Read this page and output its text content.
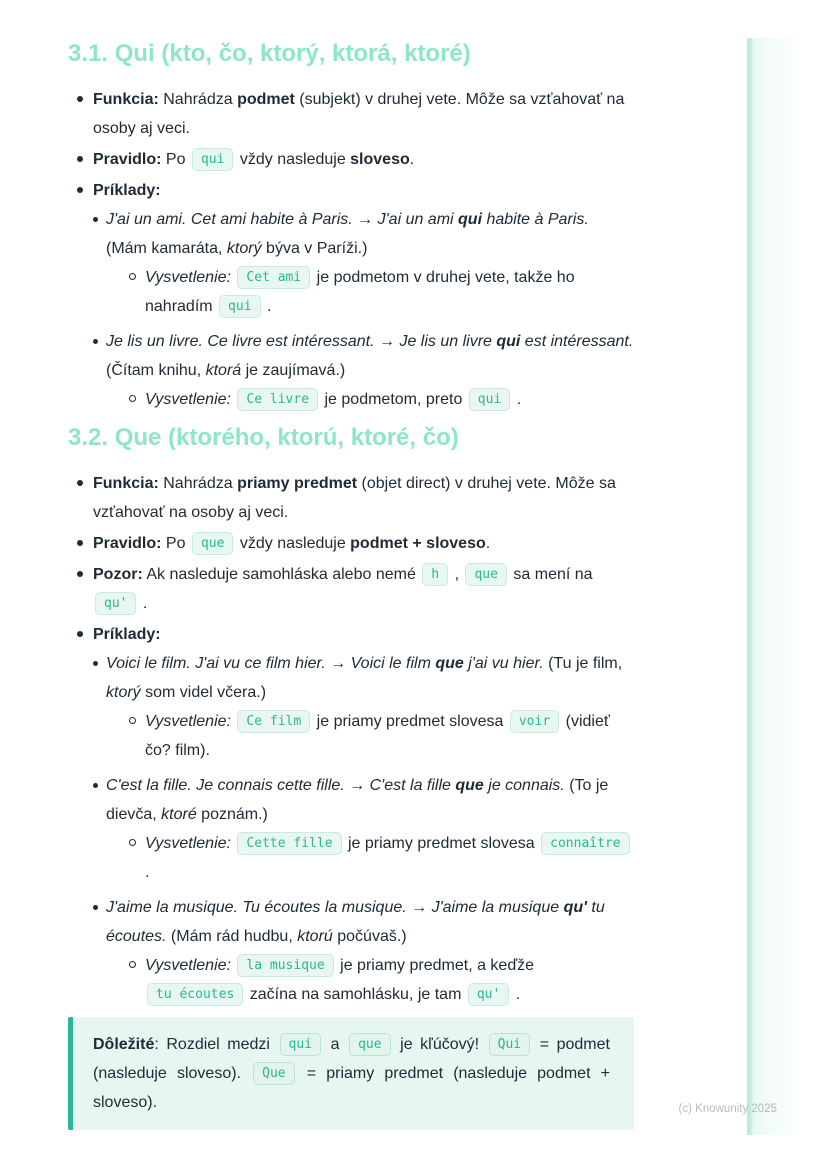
3.1. Qui (kto, čo, ktorý, ktorá, ktoré)
Funkcia: Nahrádza podmet (subjekt) v druhej vete. Môže sa vzťahovať na osoby aj veci.
Pravidlo: Po qui vždy nasleduje sloveso.
Príklady:
J'ai un ami. Cet ami habite à Paris. → J'ai un ami qui habite à Paris. (Mám kamaráta, ktorý býva v Paríži.)
Vysvetlenie: Cet ami je podmetom v druhej vete, takže ho nahradím qui .
Je lis un livre. Ce livre est intéressant. → Je lis un livre qui est intéressant. (Čítam knihu, ktorá je zaujímavá.)
Vysvetlenie: Ce livre je podmetom, preto qui .
3.2. Que (ktorého, ktorú, ktoré, čo)
Funkcia: Nahrádza priamy predmet (objet direct) v druhej vete. Môže sa vzťahovať na osoby aj veci.
Pravidlo: Po que vždy nasleduje podmet + sloveso.
Pozor: Ak nasleduje samohláska alebo nemé h , que sa mení na qu' .
Príklady:
Voici le film. J'ai vu ce film hier. → Voici le film que j'ai vu hier. (Tu je film, ktorý som videl včera.)
Vysvetlenie: Ce film je priamy predmet slovesa voir (vidieť čo? film).
C'est la fille. Je connais cette fille. → C'est la fille que je connais. (To je dievča, ktoré poznám.)
Vysvetlenie: Cette fille je priamy predmet slovesa connaître .
J'aime la musique. Tu écoutes la musique. → J'aime la musique qu' tu écoutes. (Mám rád hudbu, ktorú počúvaš.)
Vysvetlenie: la musique je priamy predmet, a keďže tu écoutes začína na samohlásku, je tam qu' .
Dôležité: Rozdiel medzi qui a que je kľúčový! Qui = podmet (nasleduje sloveso). Que = priamy predmet (nasleduje podmet + sloveso).	(c) Knowunity 2025
